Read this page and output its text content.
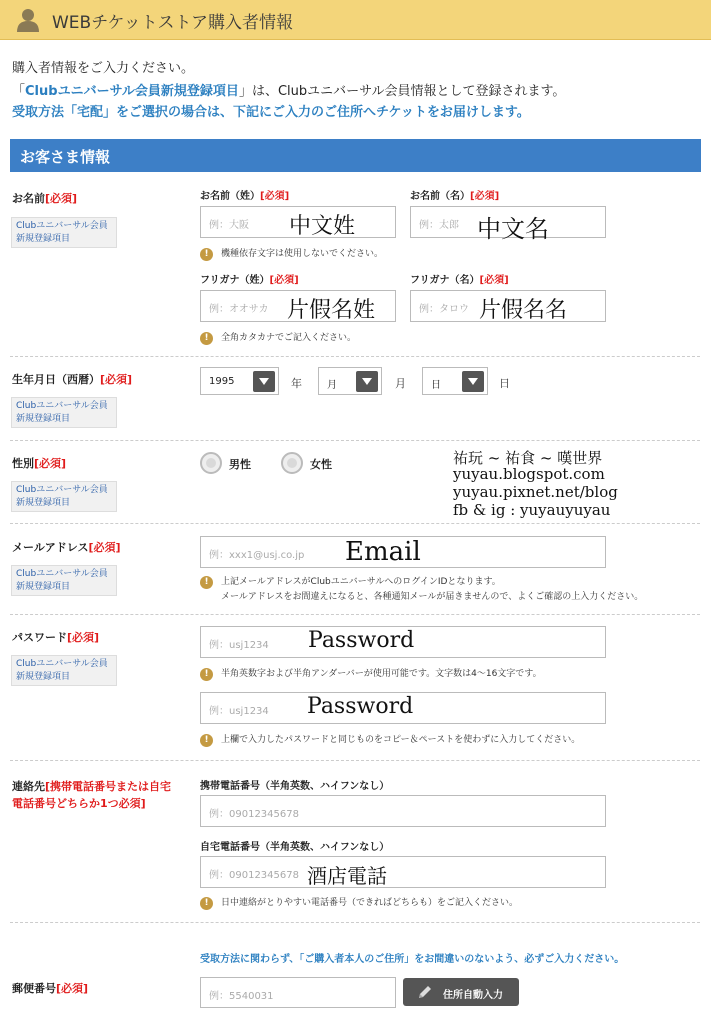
WEBチケットストア購入者情報
購入者情報をご入力ください。
「Clubユニバーサル会員新規登録項目」は、Clubユニバーサル会員情報として登録されます。
受取方法「宅配」をご選択の場合は、下記にご入力のご住所へチケットをお届けします。
お客さま情報
お名前[必須]
Clubユニバーサル会員
新規登録項目
お名前（姓）[必須]	お名前（名）[必須]
例：大阪 中文姓	例：太郎 中文名
! 機種依存文字は使用しないでください。
フリガナ（姓）[必須]	フリガナ（名）[必須]
例：オオサカ 片假名姓	例：タロウ 片假名名
! 全角カタカナでご記入ください。
生年月日（西暦）[必須]
Clubユニバーサル会員
新規登録項目
1995	年	月	月	日	日
性別[必須]
Clubユニバーサル会員
新規登録項目
男性	女性	祐玩 ~ 祐食 ~ 嘆世界
yuyau.blogspot.com
yuyau.pixnet.net/blog
fb & ig : yuyauyuyau
メールアドレス[必須]
Clubユニバーサル会員
新規登録項目
例：xxx1@usj.co.jp Email
! 上記メールアドレスがClubユニバーサルへのログインIDとなります。
メールアドレスをお間違えになると、各種通知メールが届きませんので、よくご確認の上入力ください。
パスワード[必須]
Clubユニバーサル会員
新規登録項目
例：usj1234 Password
! 半角英数字および半角アンダーバーが使用可能です。文字数は4〜16文字です。
例：usj1234 Password
! 上欄で入力したパスワードと同じものをコピー＆ペーストを使わずに入力してください。
連絡先[携帯電話番号または自宅電話番号どちらか1つ必須]
携帯電話番号（半角英数、ハイフンなし）
例：09012345678
自宅電話番号（半角英数、ハイフンなし）
例：09012345678 酒店電話
! 日中連絡がとりやすい電話番号（できればどちらも）をご記入ください。
受取方法に関わらず、「ご購入者本人のご住所」をお間違いのないよう、必ずご入力ください。
郵便番号[必須]
例：5540031	住所自動入力
